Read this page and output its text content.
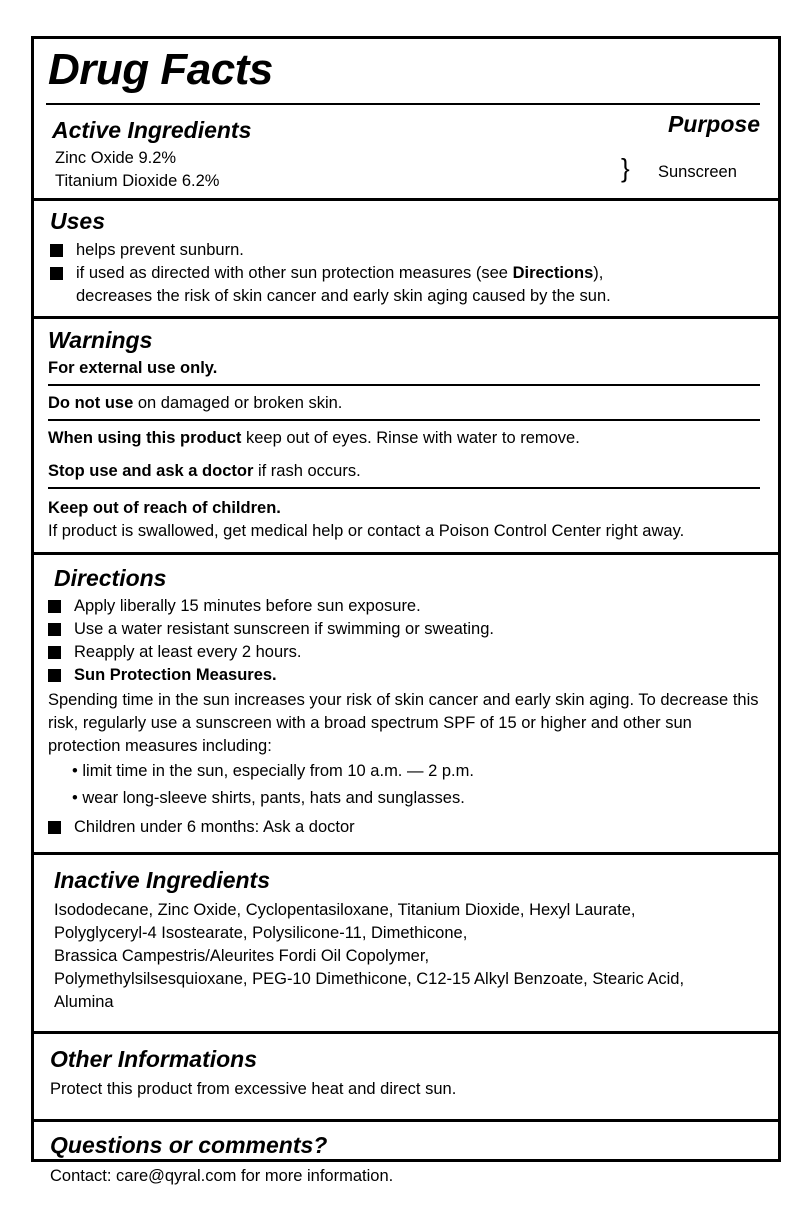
Drug Facts
Active Ingredients	Purpose
Zinc Oxide 9.2%
Titanium Dioxide 6.2%	} Sunscreen
Uses
helps prevent sunburn.
if used as directed with other sun protection measures (see Directions),
decreases the risk of skin cancer and early skin aging caused by the sun.
Warnings
For external use only.
Do not use on damaged or broken skin.
When using this product keep out of eyes. Rinse with water to remove.
Stop use and ask a doctor if rash occurs.
Keep out of reach of children.
If product is swallowed, get medical help or contact a Poison Control Center right away.
Directions
Apply liberally 15 minutes before sun exposure.
Use a water resistant sunscreen if swimming or sweating.
Reapply at least every 2 hours.
Sun Protection Measures.
Spending time in the sun increases your risk of skin cancer and early skin aging. To decrease this risk, regularly use a sunscreen with a broad spectrum SPF of 15 or higher and other sun protection measures including:
• limit time in the sun, especially from 10 a.m. — 2 p.m.
• wear long-sleeve shirts, pants, hats and sunglasses.
Children under 6 months: Ask a doctor
Inactive Ingredients
Isododecane, Zinc Oxide, Cyclopentasiloxane, Titanium Dioxide, Hexyl Laurate,
Polyglyceryl-4 Isostearate, Polysilicone-11, Dimethicone,
Brassica Campestris/Aleurites Fordi Oil Copolymer,
Polymethylsilsesquioxane, PEG-10 Dimethicone, C12-15 Alkyl Benzoate, Stearic Acid,
Alumina
Other Informations
Protect this product from excessive heat and direct sun.
Questions or comments?
Contact: care@qyral.com for more information.
